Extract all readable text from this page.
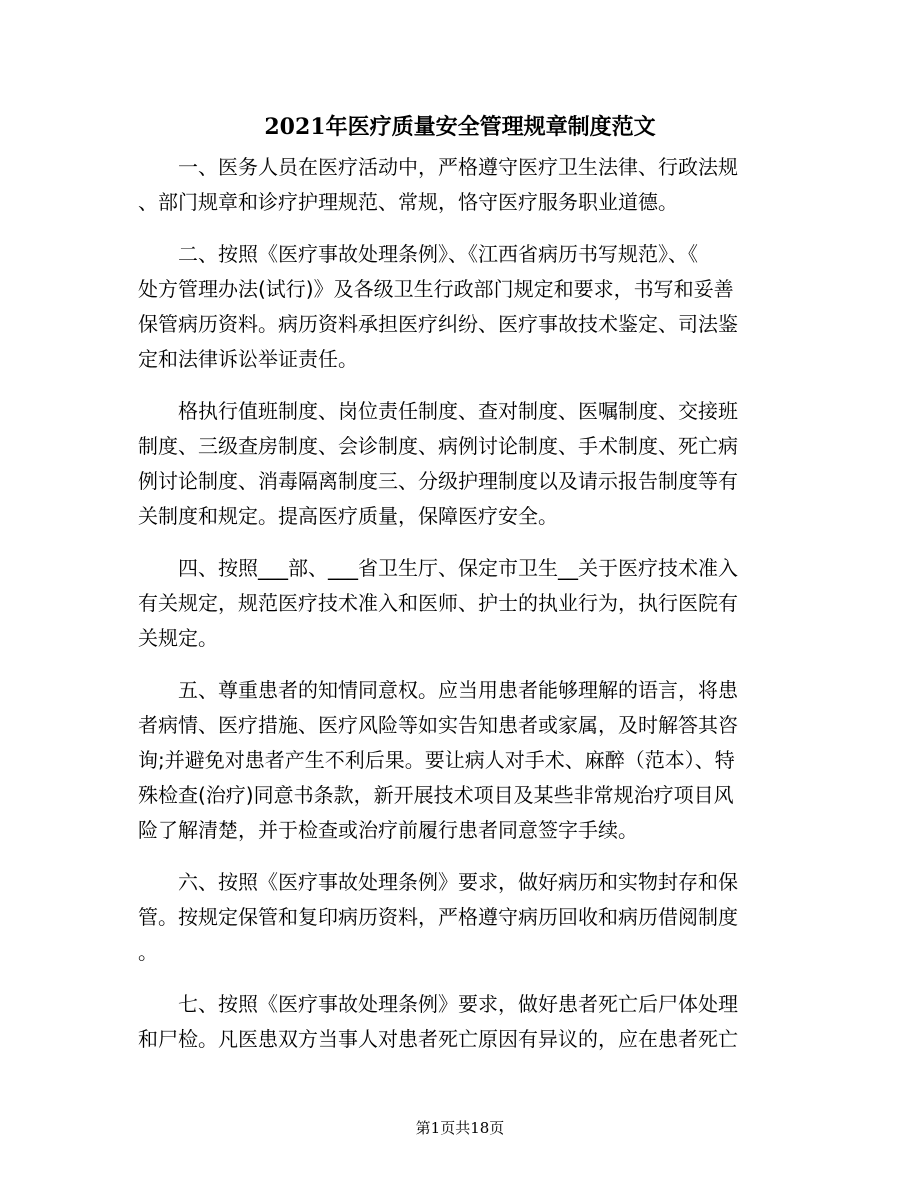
2021年医疗质量安全管理规章制度范文
　　一、医务人员在医疗活动中，严格遵守医疗卫生法律、行政法规
、部门规章和诊疗护理规范、常规，恪守医疗服务职业道德。
　　二、按照《医疗事故处理条例》、《江西省病历书写规范》、《
处方管理办法(试行)》及各级卫生行政部门规定和要求，书写和妥善
保管病历资料。病历资料承担医疗纠纷、医疗事故技术鉴定、司法鉴
定和法律诉讼举证责任。
　　格执行值班制度、岗位责任制度、查对制度、医嘱制度、交接班
制度、三级查房制度、会诊制度、病例讨论制度、手术制度、死亡病
例讨论制度、消毒隔离制度三、分级护理制度以及请示报告制度等有
关制度和规定。提高医疗质量，保障医疗安全。
　　四、按照___部、___省卫生厅、保定市卫生__关于医疗技术准入
有关规定，规范医疗技术准入和医师、护士的执业行为，执行医院有
关规定。
　　五、尊重患者的知情同意权。应当用患者能够理解的语言，将患
者病情、医疗措施、医疗风险等如实告知患者或家属，及时解答其咨
询;并避免对患者产生不利后果。要让病人对手术、麻醉（范本）、特
殊检查(治疗)同意书条款，新开展技术项目及某些非常规治疗项目风
险了解清楚，并于检查或治疗前履行患者同意签字手续。
　　六、按照《医疗事故处理条例》要求，做好病历和实物封存和保
管。按规定保管和复印病历资料，严格遵守病历回收和病历借阅制度
。
　　七、按照《医疗事故处理条例》要求，做好患者死亡后尸体处理
和尸检。凡医患双方当事人对患者死亡原因有异议的，应在患者死亡
第1页共18页
